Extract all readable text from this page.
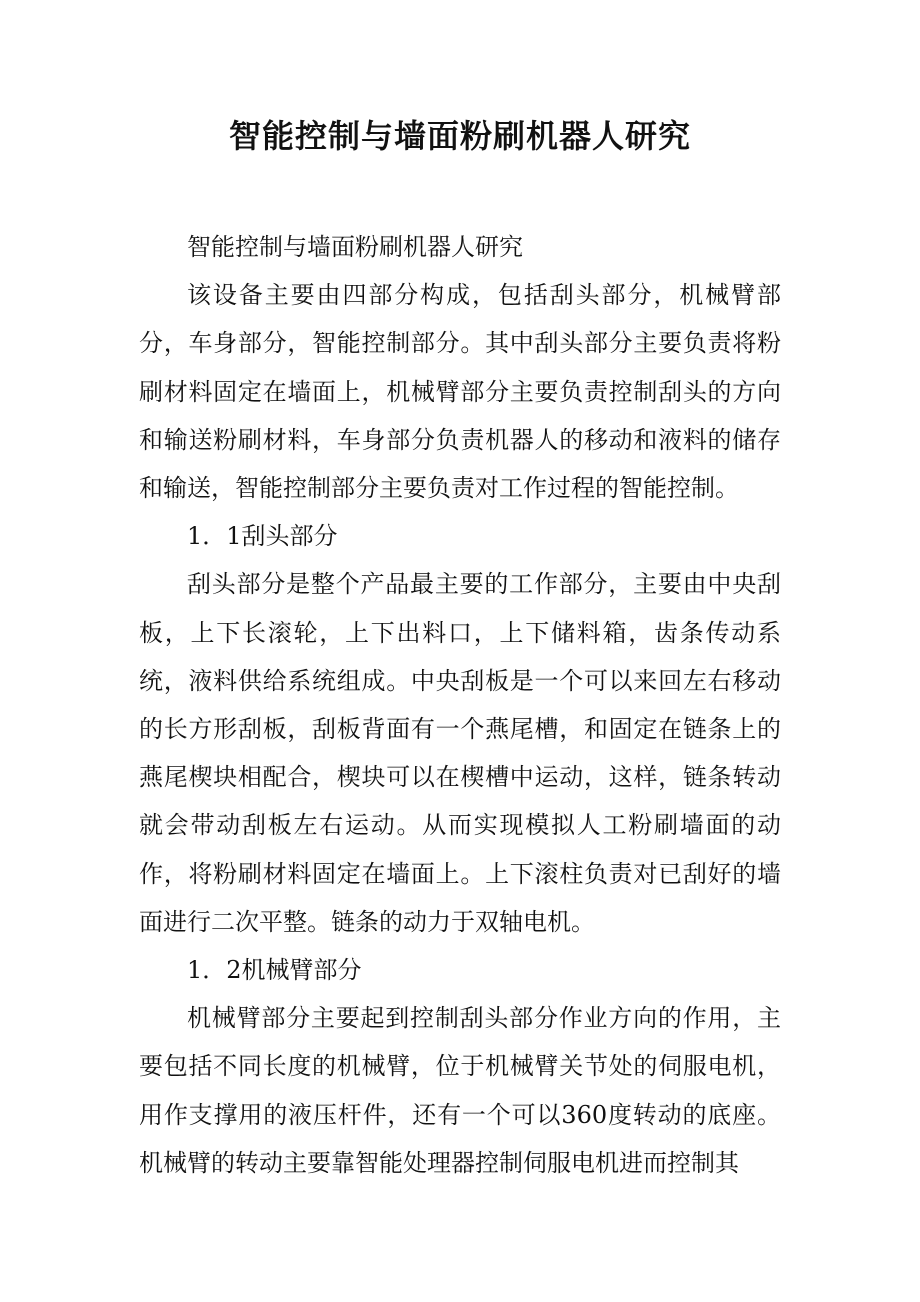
智能控制与墙面粉刷机器人研究

智能控制与墙面粉刷机器人研究

该设备主要由四部分构成，包括刮头部分，机械臂部分，车身部分，智能控制部分。其中刮头部分主要负责将粉刷材料固定在墙面上，机械臂部分主要负责控制刮头的方向和输送粉刷材料，车身部分负责机器人的移动和液料的储存和输送，智能控制部分主要负责对工作过程的智能控制。

1．1刮头部分

刮头部分是整个产品最主要的工作部分，主要由中央刮板，上下长滚轮，上下出料口，上下储料箱，齿条传动系统，液料供给系统组成。中央刮板是一个可以来回左右移动的长方形刮板，刮板背面有一个燕尾槽，和固定在链条上的燕尾楔块相配合，楔块可以在楔槽中运动，这样，链条转动就会带动刮板左右运动。从而实现模拟人工粉刷墙面的动作，将粉刷材料固定在墙面上。上下滚柱负责对已刮好的墙面进行二次平整。链条的动力于双轴电机。

1．2机械臂部分

机械臂部分主要起到控制刮头部分作业方向的作用，主要包括不同长度的机械臂，位于机械臂关节处的伺服电机，用作支撑用的液压杆件，还有一个可以360度转动的底座。机械臂的转动主要靠智能处理器控制伺服电机进而控制其
